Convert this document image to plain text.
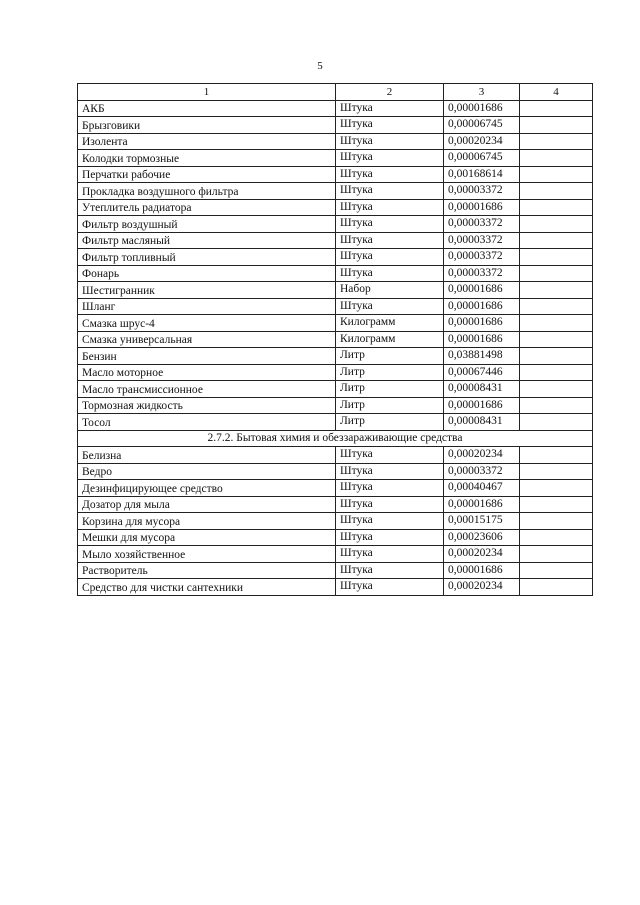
5
1	2	3	4
АКБ	Штука	0,00001686	
Брызговики	Штука	0,00006745	
Изолента	Штука	0,00020234	
Колодки тормозные	Штука	0,00006745	
Перчатки рабочие	Штука	0,00168614	
Прокладка воздушного фильтра	Штука	0,00003372	
Утеплитель радиатора	Штука	0,00001686	
Фильтр воздушный	Штука	0,00003372	
Фильтр масляный	Штука	0,00003372	
Фильтр топливный	Штука	0,00003372	
Фонарь	Штука	0,00003372	
Шестигранник	Набор	0,00001686	
Шланг	Штука	0,00001686	
Смазка шрус-4	Килограмм	0,00001686	
Смазка универсальная	Килограмм	0,00001686	
Бензин	Литр	0,03881498	
Масло моторное	Литр	0,00067446	
Масло трансмиссионное	Литр	0,00008431	
Тормозная жидкость	Литр	0,00001686	
Тосол	Литр	0,00008431	
2.7.2. Бытовая химия и обеззараживающие средства			
Белизна	Штука	0,00020234	
Ведро	Штука	0,00003372	
Дезинфицирующее средство	Штука	0,00040467	
Дозатор для мыла	Штука	0,00001686	
Корзина для мусора	Штука	0,00015175	
Мешки для мусора	Штука	0,00023606	
Мыло хозяйственное	Штука	0,00020234	
Растворитель	Штука	0,00001686	
Средство для чистки сантехники	Штука	0,00020234	
